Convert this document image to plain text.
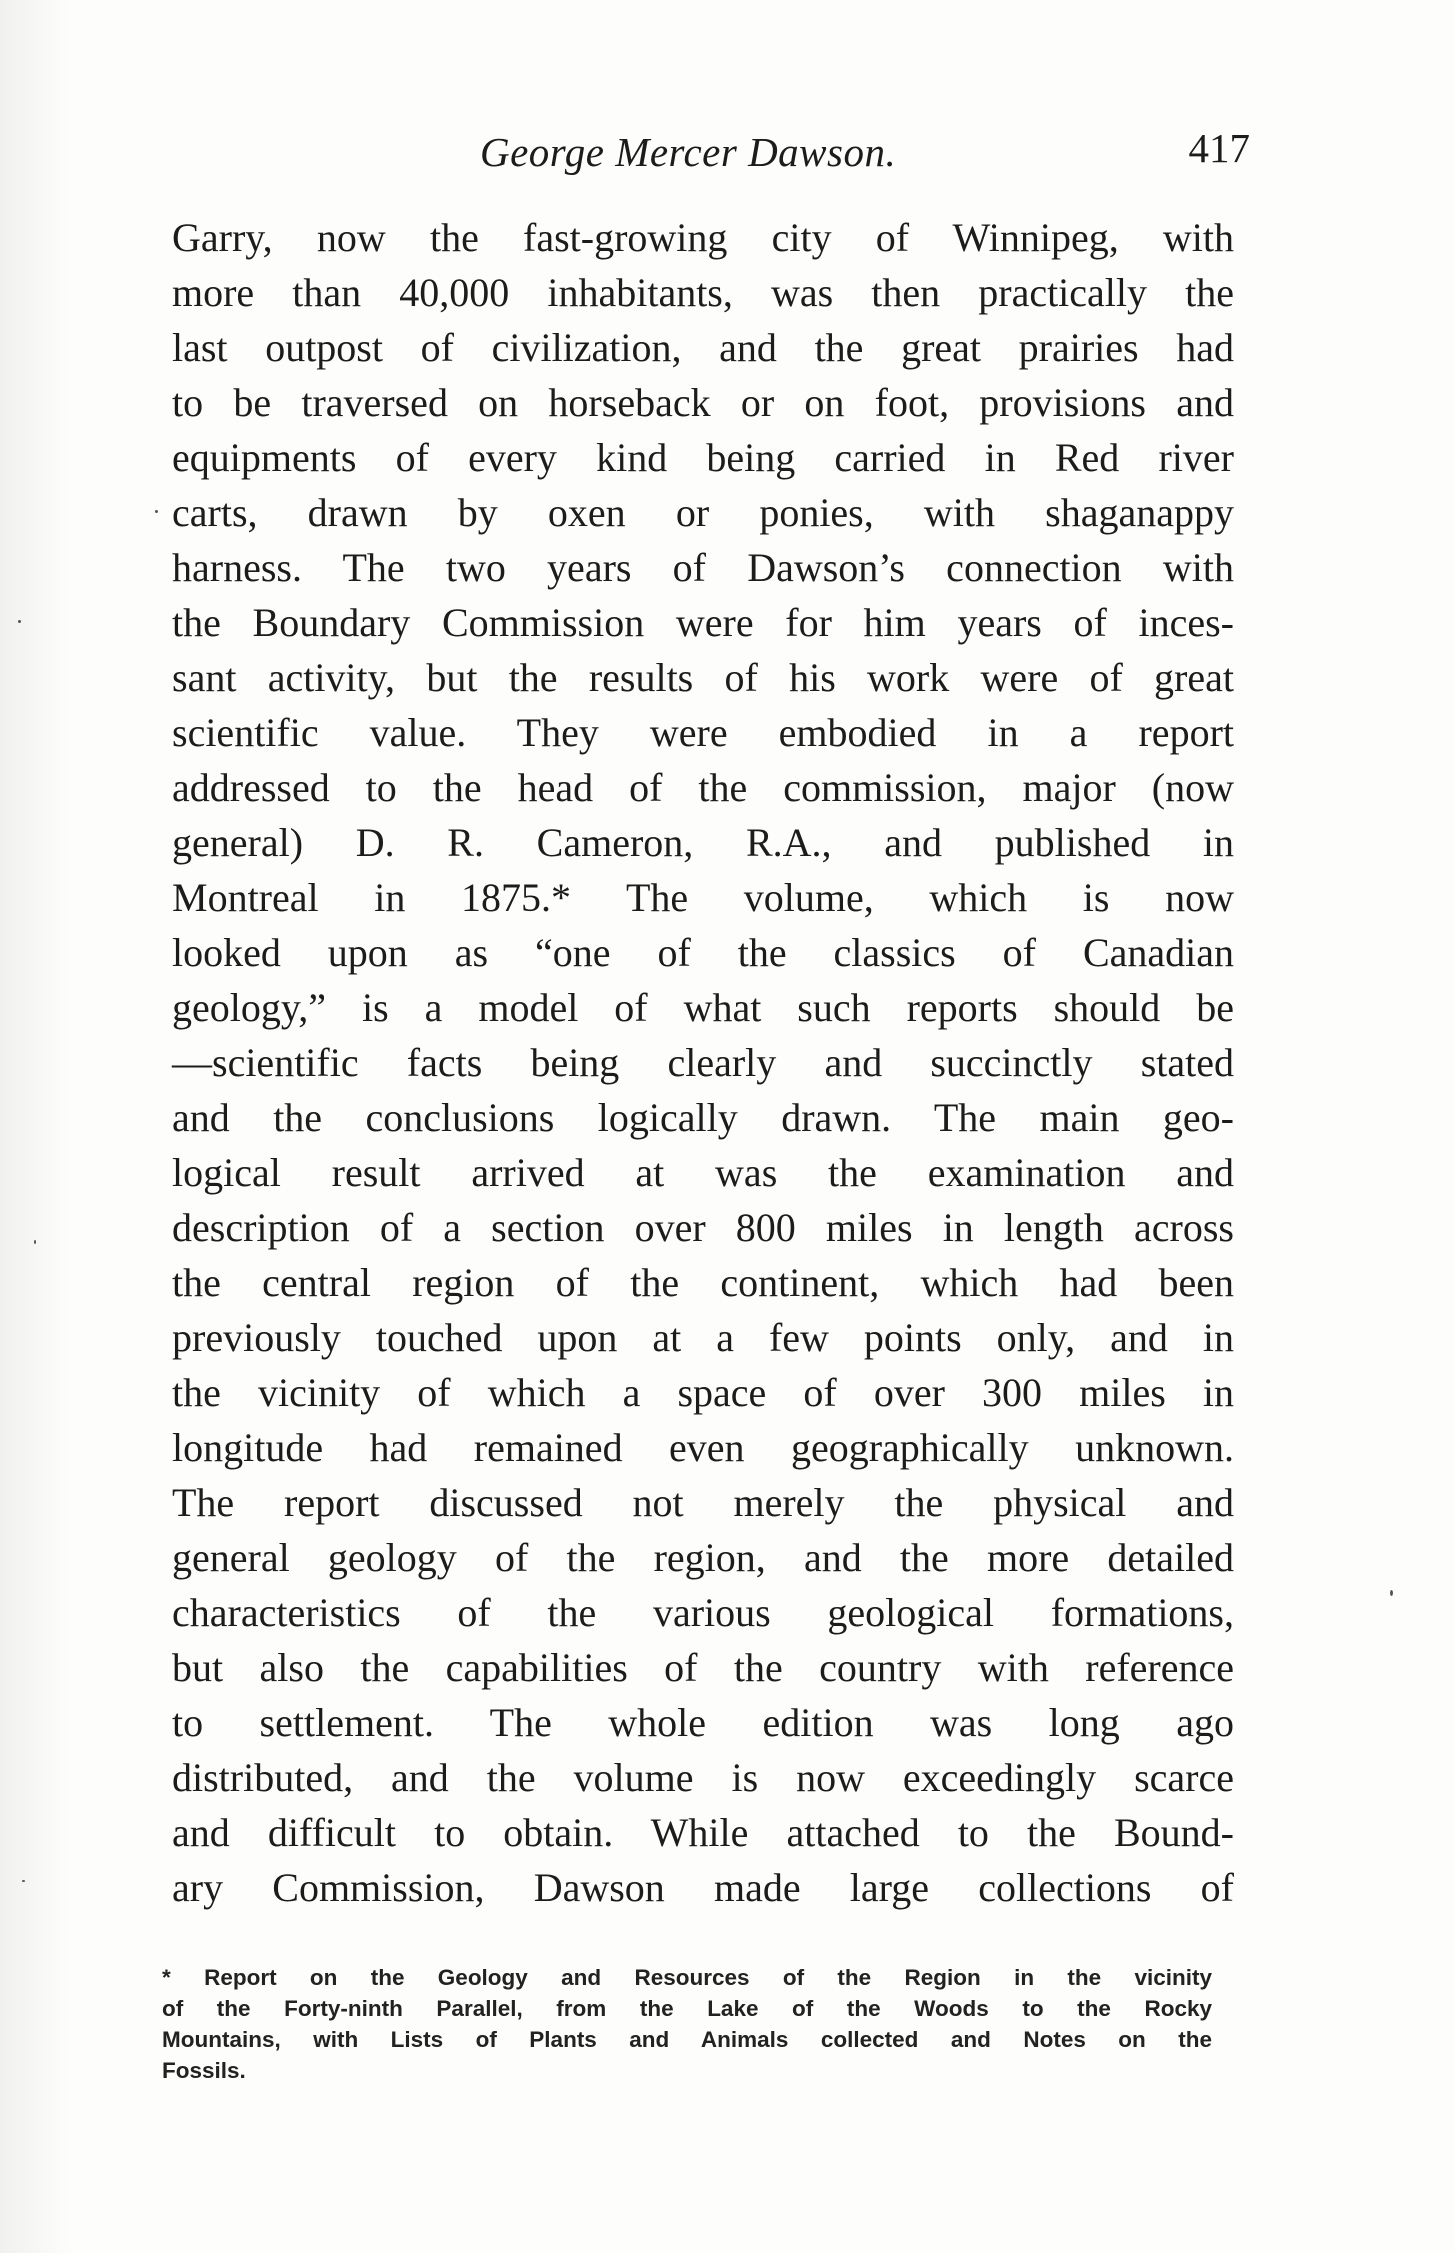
George Mercer Dawson.	417
Garry, now the fast-growing city of Winnipeg, with
more than 40,000 inhabitants, was then practically the
last outpost of civilization, and the great prairies had
to be traversed on horseback or on foot, provisions and
equipments of every kind being carried in Red river
carts, drawn by oxen or ponies, with shaganappy
harness. The two years of Dawson’s connection with
the Boundary Commission were for him years of inces-
sant activity, but the results of his work were of great
scientific value. They were embodied in a report
addressed to the head of the commission, major (now
general) D. R. Cameron, R.A., and published in
Montreal in 1875.* The volume, which is now
looked upon as “one of the classics of Canadian
geology,” is a model of what such reports should be
—scientific facts being clearly and succinctly stated
and the conclusions logically drawn. The main geo-
logical result arrived at was the examination and
description of a section over 800 miles in length across
the central region of the continent, which had been
previously touched upon at a few points only, and in
the vicinity of which a space of over 300 miles in
longitude had remained even geographically unknown.
The report discussed not merely the physical and
general geology of the region, and the more detailed
characteristics of the various geological formations,
but also the capabilities of the country with reference
to settlement. The whole edition was long ago
distributed, and the volume is now exceedingly scarce
and difficult to obtain. While attached to the Bound-
ary Commission, Dawson made large collections of
* Report on the Geology and Resources of the Region in the vicinity
of the Forty-ninth Parallel, from the Lake of the Woods to the Rocky
Mountains, with Lists of Plants and Animals collected and Notes on the
Fossils.
